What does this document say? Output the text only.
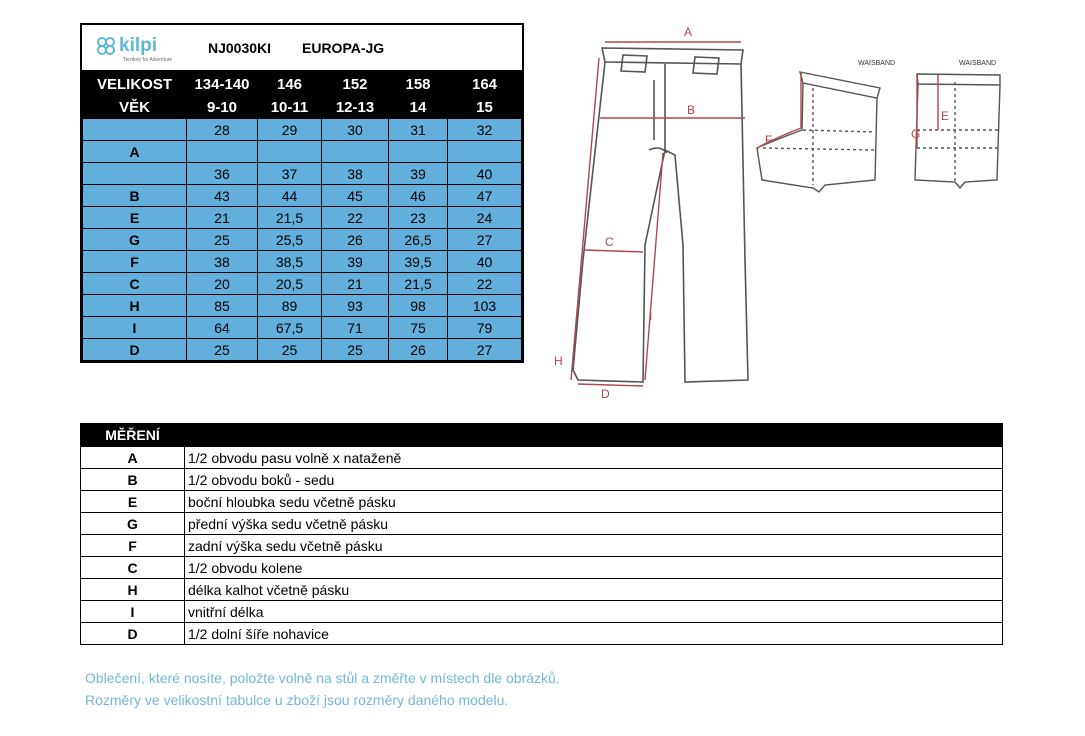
kilpi
Territory for Adventure
NJ0030KI EUROPA-JG
VELIKOST	134-140	146	152	158	164
VĚK	9-10	10-11	12-13	14	15
	28	29	30	31	32
A					
	36	37	38	39	40
B	43	44	45	46	47
E	21	21,5	22	23	24
G	25	25,5	26	26,5	27
F	38	38,5	39	39,5	40
C	20	20,5	21	21,5	22
H	85	89	93	98	103
I	64	67,5	71	75	79
D	25	25	25	26	27
A
B
C
D
H
I
F
E
G
WAISBAND	WAISBAND
MĚŘENÍ	
A	1/2 obvodu pasu volně x nataženě
B	1/2 obvodu boků - sedu
E	boční hloubka sedu včetně pásku
G	přední výška sedu včetně pásku
F	zadní výška sedu včetně pásku
C	1/2 obvodu kolene
H	délka kalhot včetně pásku
I	vnitřní délka
D	1/2 dolní šíře nohavice
Oblečení, které nosíte, položte volně na stůl a změřte v místech dle obrázků.
Rozměry ve velikostní tabulce u zboží jsou rozměry daného modelu.
